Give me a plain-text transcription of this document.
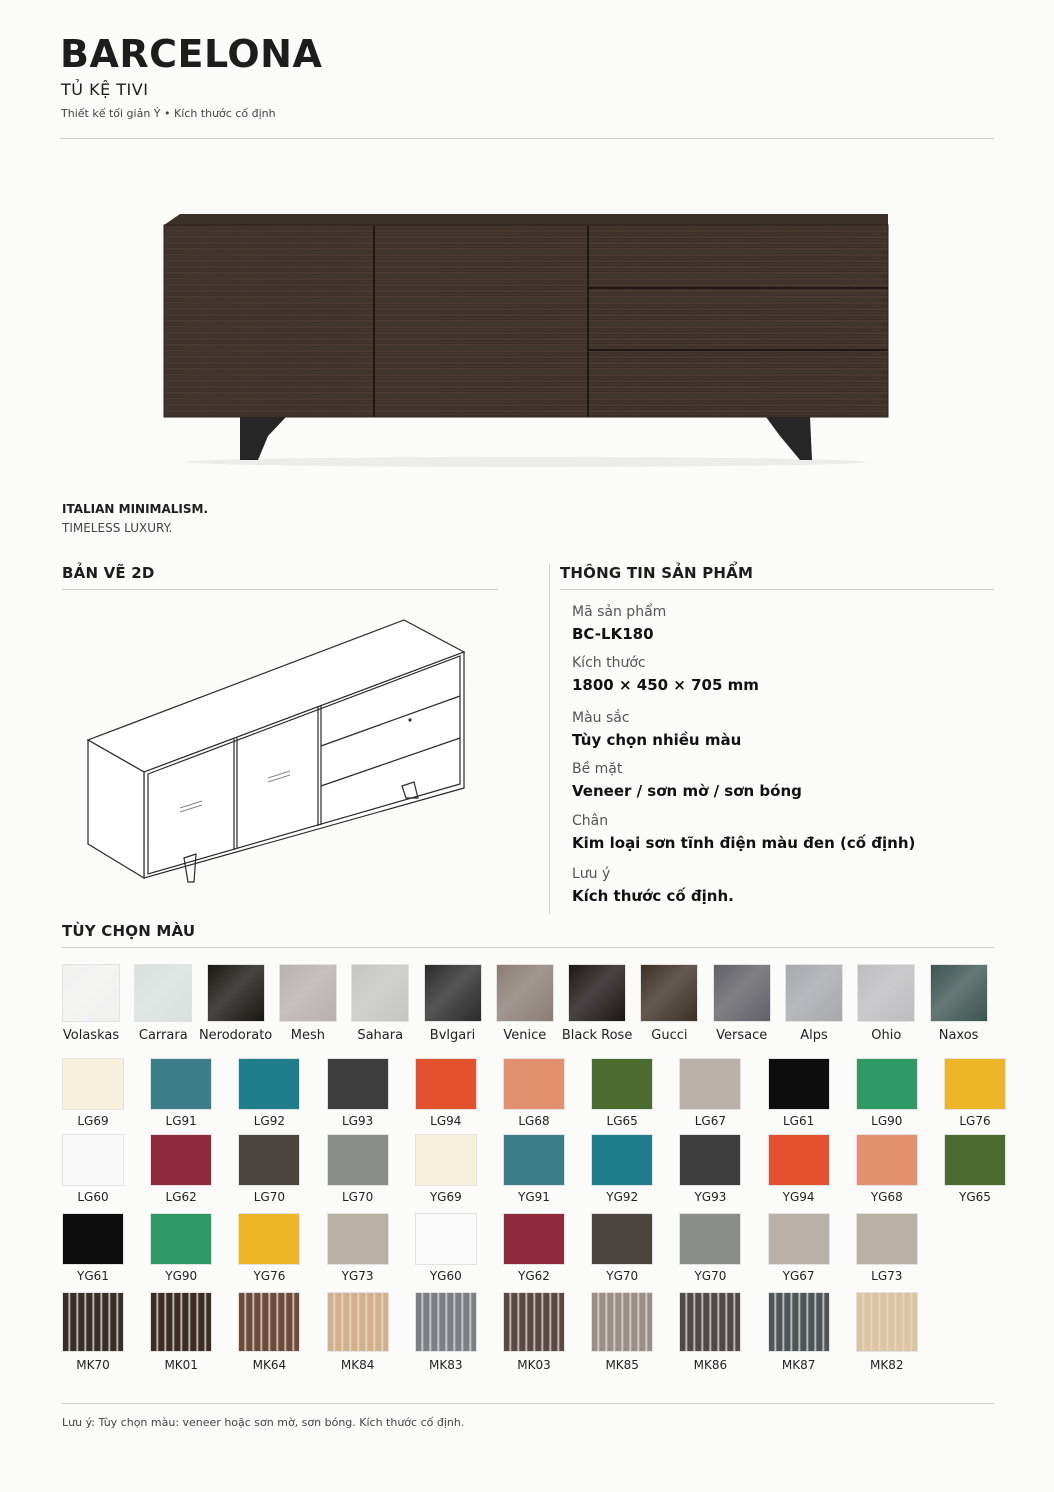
BARCELONA
TỦ KỆ TIVI
Thiết kế tối giản Ý • Kích thước cố định
ITALIAN MINIMALISM.
TIMELESS LUXURY.
BẢN VẼ 2D	THÔNG TIN SẢN PHẨM
Mã sản phẩm
BC-LK180
Kích thước
1800 × 450 × 705 mm
Màu sắc
Tùy chọn nhiều màu
Bề mặt
Veneer / sơn mờ / sơn bóng
Chân
Kim loại sơn tĩnh điện màu đen (cố định)
Lưu ý
Kích thước cố định.
TÙY CHỌN MÀU
Volaskas	Carrara Nerodorato	Mesh	Sahara	Bvlgari	Venice	Black Rose	Gucci	Versace	Alps	Ohio	Naxos
LG69	LG91	LG92	LG93	LG94	LG68	LG65	LG67	LG61	LG90	LG76
LG60	LG62	LG70	LG70	YG69	YG91	YG92	YG93	YG94	YG68	YG65
YG61	YG90	YG76	YG73	YG60	YG62	YG70	YG70	YG67	LG73
MK70	MK01	MK64	MK84	MK83	MK03	MK85	MK86	MK87	MK82
Lưu ý: Tùy chọn màu: veneer hoặc sơn mờ, sơn bóng. Kích thước cố định.
